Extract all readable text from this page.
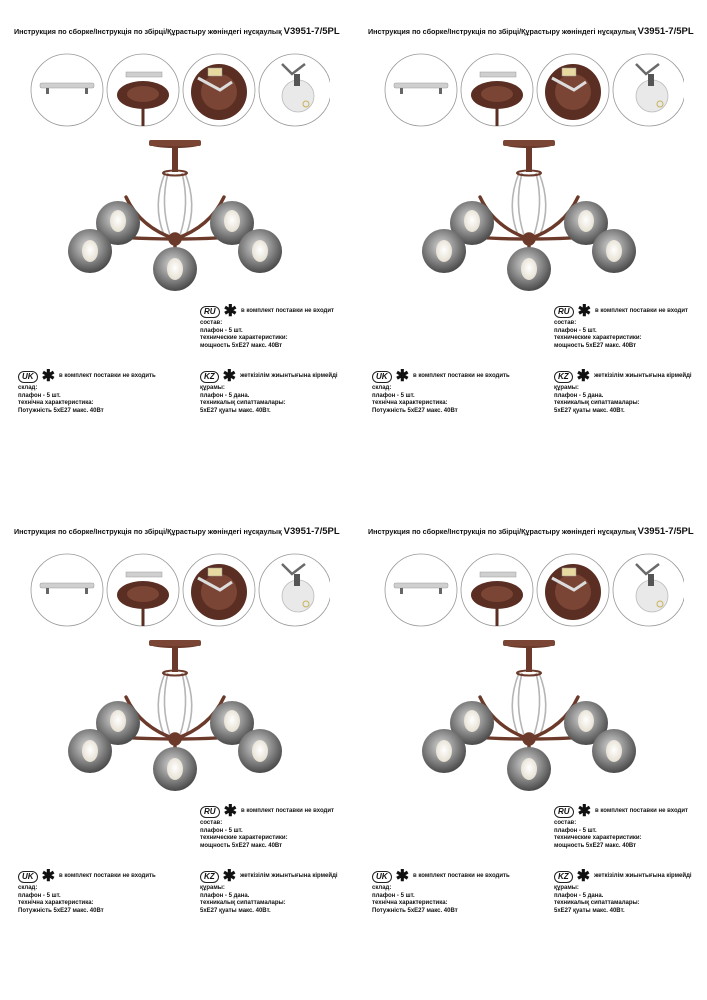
Инструкция по сборке/Інструкція по збірці/Құрастыру жөніндегі нұсқаулық V3951-7/5PL
RU ✱ в комплект поставки не входит
состав:
плафон - 5 шт.
технические характеристики:
мощность 5xE27 макс. 40Вт
UK ✱ в комплект поставки не входить
склад:
плафон - 5 шт.
технічна характеристика:
Потужність 5xE27 макс. 40Вт
KZ ✱ жеткізілім жиынтығына кірмейді
құрамы:
плафон - 5 дана.
техникалық сипаттамалары:
5xE27 қуаты макс. 40Вт.
Инструкция по сборке/Інструкція по збірці/Құрастыру жөніндегі нұсқаулық V3951-7/5PL
RU ✱ в комплект поставки не входит
состав:
плафон - 5 шт.
технические характеристики:
мощность 5xE27 макс. 40Вт
UK ✱ в комплект поставки не входить
склад:
плафон - 5 шт.
технічна характеристика:
Потужність 5xE27 макс. 40Вт
KZ ✱ жеткізілім жиынтығына кірмейді
құрамы:
плафон - 5 дана.
техникалық сипаттамалары:
5xE27 қуаты макс. 40Вт.
Инструкция по сборке/Інструкція по збірці/Құрастыру жөніндегі нұсқаулық V3951-7/5PL
RU ✱ в комплект поставки не входит
состав:
плафон - 5 шт.
технические характеристики:
мощность 5xE27 макс. 40Вт
UK ✱ в комплект поставки не входить
склад:
плафон - 5 шт.
технічна характеристика:
Потужність 5xE27 макс. 40Вт
KZ ✱ жеткізілім жиынтығына кірмейді
құрамы:
плафон - 5 дана.
техникалық сипаттамалары:
5xE27 қуаты макс. 40Вт.
Инструкция по сборке/Інструкція по збірці/Құрастыру жөніндегі нұсқаулық V3951-7/5PL
RU ✱ в комплект поставки не входит
состав:
плафон - 5 шт.
технические характеристики:
мощность 5xE27 макс. 40Вт
UK ✱ в комплект поставки не входить
склад:
плафон - 5 шт.
технічна характеристика:
Потужність 5xE27 макс. 40Вт
KZ ✱ жеткізілім жиынтығына кірмейді
құрамы:
плафон - 5 дана.
техникалық сипаттамалары:
5xE27 қуаты макс. 40Вт.
